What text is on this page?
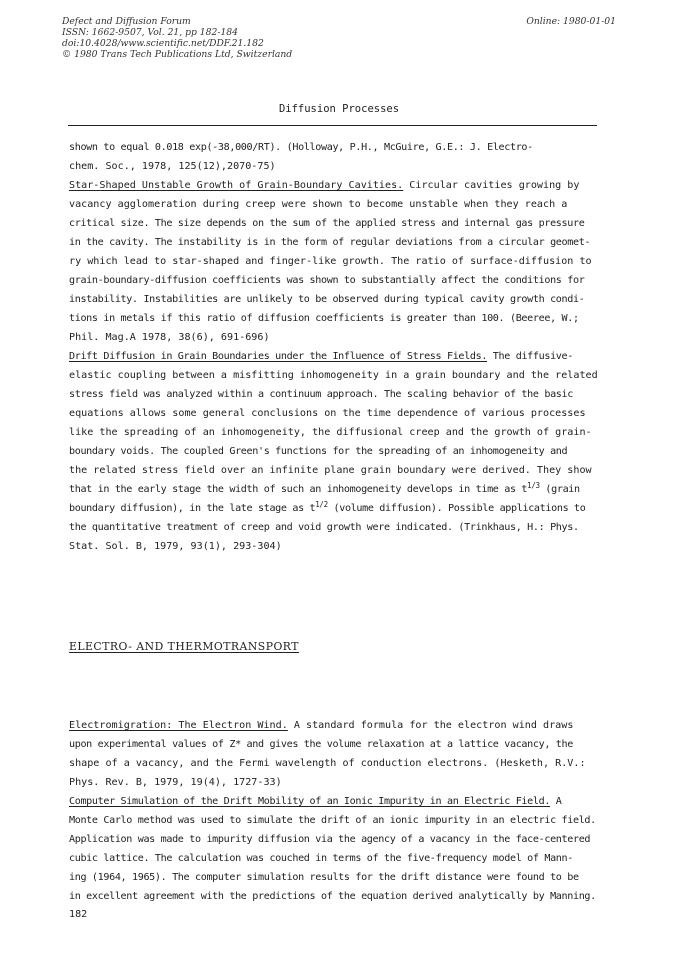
Defect and Diffusion Forum
ISSN: 1662-9507, Vol. 21, pp 182-184
doi:10.4028/www.scientific.net/DDF.21.182
© 1980 Trans Tech Publications Ltd, Switzerland
Online: 1980-01-01
Diffusion Processes
shown to equal 0.018 exp(-38,000/RT). (Holloway, P.H., McGuire, G.E.: J. Electro-
chem. Soc., 1978, 125(12),2070-75)
Star-Shaped Unstable Growth of Grain-Boundary Cavities. Circular cavities growing by
vacancy agglomeration during creep were shown to become unstable when they reach a
critical size. The size depends on the sum of the applied stress and internal gas pressure
in the cavity. The instability is in the form of regular deviations from a circular geomet-
ry which lead to star-shaped and finger-like growth. The ratio of surface-diffusion to
grain-boundary-diffusion coefficients was shown to substantially affect the conditions for
instability. Instabilities are unlikely to be observed during typical cavity growth condi-
tions in metals if this ratio of diffusion coefficients is greater than 100. (Beeree, W.;
Phil. Mag.A 1978, 38(6), 691-696)
Drift Diffusion in Grain Boundaries under the Influence of Stress Fields. The diffusive-
elastic coupling between a misfitting inhomogeneity in a grain boundary and the related
stress field was analyzed within a continuum approach. The scaling behavior of the basic
equations allows some general conclusions on the time dependence of various processes
like the spreading of an inhomogeneity, the diffusional creep and the growth of grain-
boundary voids. The coupled Green's functions for the spreading of an inhomogeneity and
the related stress field over an infinite plane grain boundary were derived. They show
that in the early stage the width of such an inhomogeneity develops in time as $t^{1/3}$ (grain
boundary diffusion), in the late stage as $t^{1/2}$ (volume diffusion). Possible applications to
the quantitative treatment of creep and void growth were indicated. (Trinkhaus, H.: Phys.
Stat. Sol. B, 1979, 93(1), 293-304)
ELECTRO- AND THERMOTRANSPORT
Electromigration: The Electron Wind. A standard formula for the electron wind draws
upon experimental values of Z* and gives the volume relaxation at a lattice vacancy, the
shape of a vacancy, and the Fermi wavelength of conduction electrons. (Hesketh, R.V.:
Phys. Rev. B, 1979, 19(4), 1727-33)
Computer Simulation of the Drift Mobility of an Ionic Impurity in an Electric Field. A
Monte Carlo method was used to simulate the drift of an ionic impurity in an electric field.
Application was made to impurity diffusion via the agency of a vacancy in the face-centered
cubic lattice. The calculation was couched in terms of the five-frequency model of Mann-
ing (1964, 1965). The computer simulation results for the drift distance were found to be
in excellent agreement with the predictions of the equation derived analytically by Manning.
182
